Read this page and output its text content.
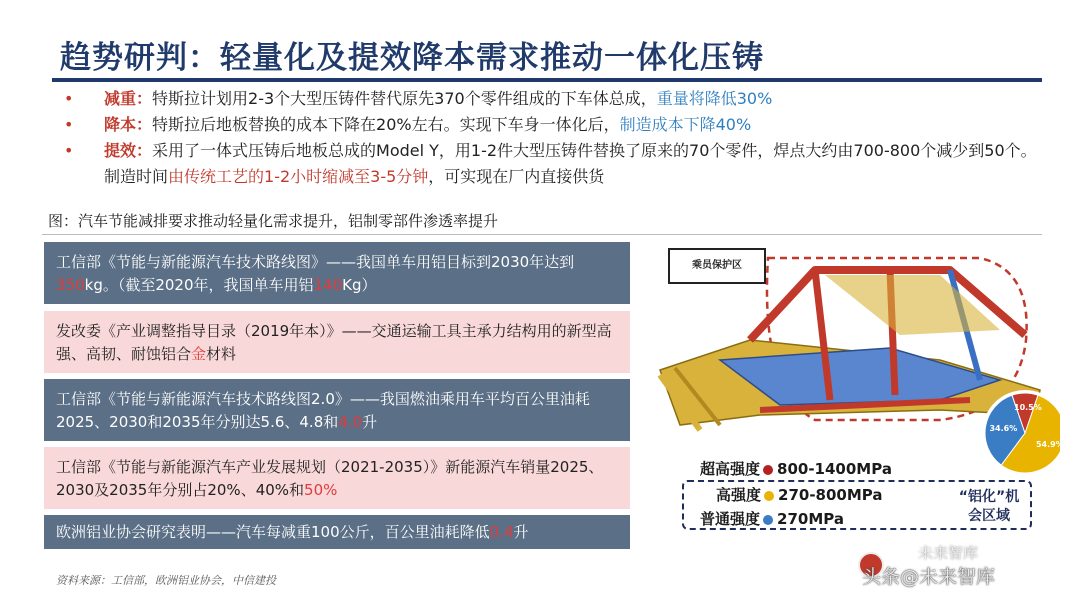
趋势研判：轻量化及提效降本需求推动一体化压铸
• 减重：特斯拉计划用2-3个大型压铸件替代原先370个零件组成的下车体总成，重量将降低30%
• 降本：特斯拉后地板替换的成本下降在20%左右。实现下车身一体化后，制造成本下降40%
• 提效：采用了一体式压铸后地板总成的Model Y，用1-2件大型压铸件替换了原来的70个零件，焊点大约由700-800个减少到50个。制造时间由传统工艺的1-2小时缩减至3-5分钟，可实现在厂内直接供货
图：汽车节能减排要求推动轻量化需求提升，铝制零部件渗透率提升
工信部《节能与新能源汽车技术路线图》——我国单车用铝目标到2030年达到350kg。（截至2020年，我国单车用铝140Kg）
发改委《产业调整指导目录（2019年本）》——交通运输工具主承力结构用的新型高强、高韧、耐蚀铝合金材料
工信部《节能与新能源汽车技术路线图2.0》——我国燃油乘用车平均百公里油耗2025、2030和2035年分别达5.6、4.8和4.0升
工信部《节能与新能源汽车产业发展规划（2021-2035）》新能源汽车销量2025、2030及2035年分别占20%、40%和50%
欧洲铝业协会研究表明——汽车每减重100公斤，百公里油耗降低0.4升
资料来源：工信部，欧洲铝业协会，中信建投
乘员保护区
54.9%
34.6%
10.5%
超高强度 800-1400MPa
高强度 270-800MPa
普通强度 270MPa
“铝化”机会区域
未来智库
头条@未来智库
